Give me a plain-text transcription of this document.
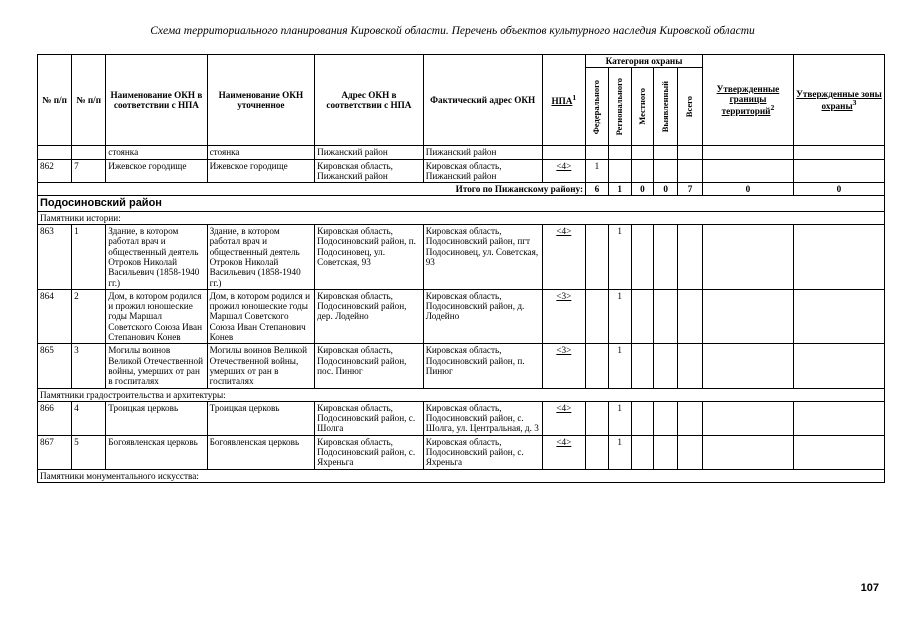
Схема территориального планирования Кировской области. Перечень объектов культурного наследия Кировской области
№ п/п	№ п/п	Наименование ОКН в соответствии с НПА	Наименование ОКН уточненное	Адрес ОКН в соответствии с НПА	Фактический адрес ОКН	НПА$^1$	Категория охраны					Утвержденные границы территорий$^2$	Утвержденные зоны охраны$^3$

							Федерального	Регионального	Местного	Выявленный	Всего		

		стоянка	стоянка	Пижанский район	Пижанский район								
862	7	Ижевское городище	Ижевское городище	Кировская область, Пижанский район	Кировская область, Пижанский район	<4>	1						
Итого по Пижанскому району:							6	1	0	0	7	0	0
Подосиновский район													
Памятники истории:													
863	1	Здание, в котором работал врач и общественный деятель Отроков Николай Васильевич (1858-1940 гг.)	Здание, в котором работал врач и общественный деятель Отроков Николай Васильевич (1858-1940 гг.)	Кировская область, Подосиновский район, п. Подосиновец, ул. Советская, 93	Кировская область, Подосиновский район, пгт Подосиновец, ул. Советская, 93	<4>		1					
864	2	Дом, в котором родился и прожил юношеские годы Маршал Советского Союза Иван Степанович Конев	Дом, в котором родился и прожил юношеские годы Маршал Советского Союза Иван Степанович Конев	Кировская область, Подосиновский район, дер. Лодейно	Кировская область, Подосиновский район, д. Лодейно	<3>		1					
865	3	Могилы воинов Великой Отечественной войны, умерших от ран в госпиталях	Могилы воинов Великой Отечественной войны, умерших от ран в госпиталях	Кировская область, Подосиновский район, пос. Пинюг	Кировская область, Подосиновский район, п. Пинюг	<3>		1					
Памятники градостроительства и архитектуры:													
866	4	Троицкая церковь	Троицкая церковь	Кировская область, Подосиновский район, с. Шолга	Кировская область, Подосиновский район, с. Шолга, ул. Центральная, д. 3	<4>		1					
867	5	Богоявленская церковь	Богоявленская церковь	Кировская область, Подосиновский район, с. Яхреньга	Кировская область, Подосиновский район, с. Яхреньга	<4>		1					
Памятники монументального искусства:													
107
